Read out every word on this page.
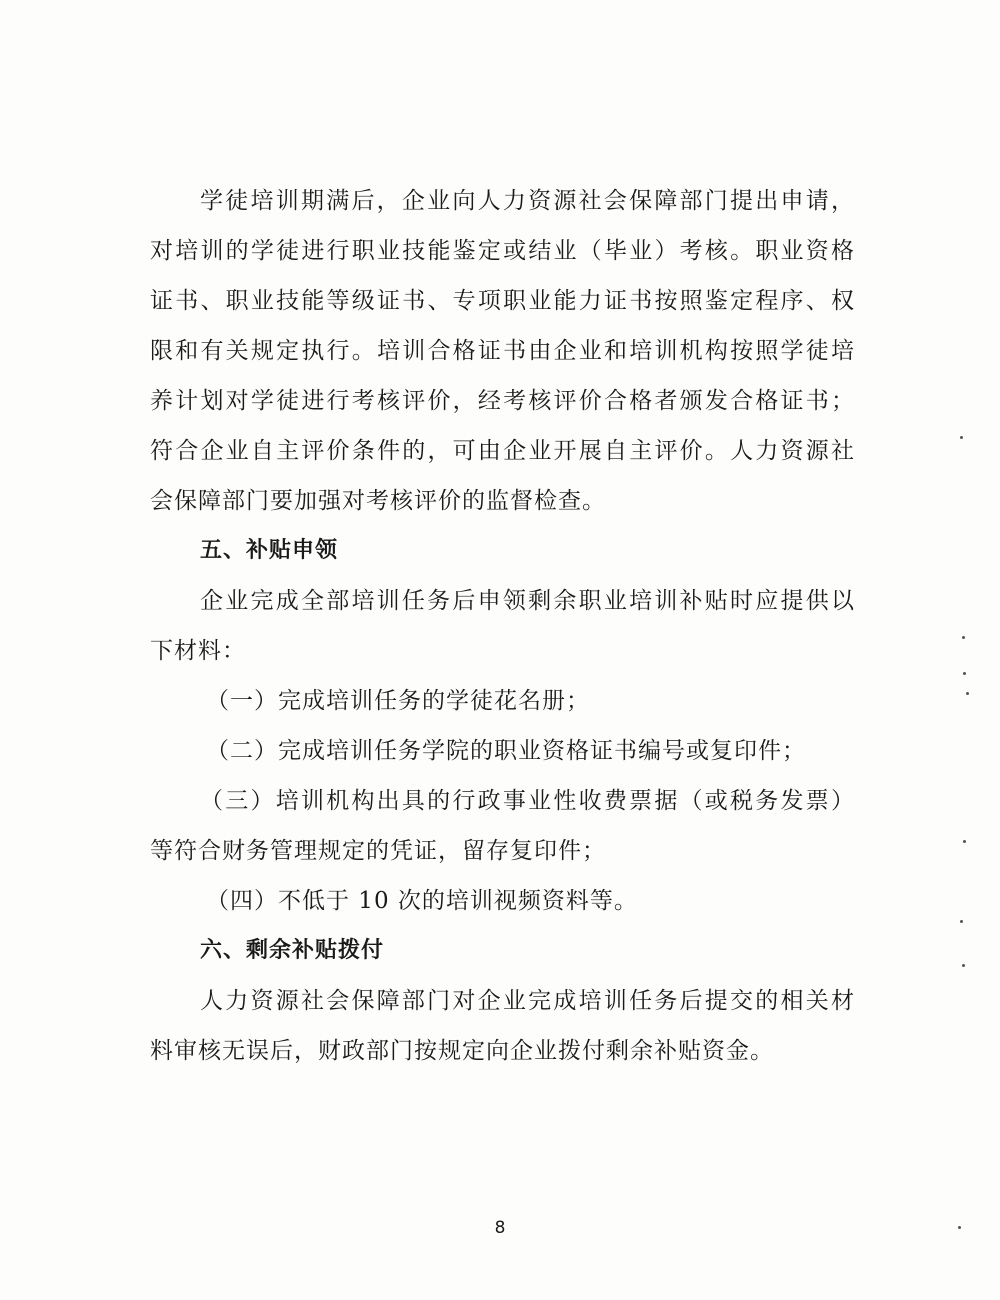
学徒培训期满后，企业向人力资源社会保障部门提出申请，
对培训的学徒进行职业技能鉴定或结业（毕业）考核。职业资格
证书、职业技能等级证书、专项职业能力证书按照鉴定程序、权
限和有关规定执行。培训合格证书由企业和培训机构按照学徒培
养计划对学徒进行考核评价，经考核评价合格者颁发合格证书；
符合企业自主评价条件的，可由企业开展自主评价。人力资源社
会保障部门要加强对考核评价的监督检查。
五、补贴申领
企业完成全部培训任务后申领剩余职业培训补贴时应提供以
下材料：
（一）完成培训任务的学徒花名册；
（二）完成培训任务学院的职业资格证书编号或复印件；
（三）培训机构出具的行政事业性收费票据（或税务发票）
等符合财务管理规定的凭证，留存复印件；
（四）不低于 10 次的培训视频资料等。
六、剩余补贴拨付
人力资源社会保障部门对企业完成培训任务后提交的相关材
料审核无误后，财政部门按规定向企业拨付剩余补贴资金。
8
